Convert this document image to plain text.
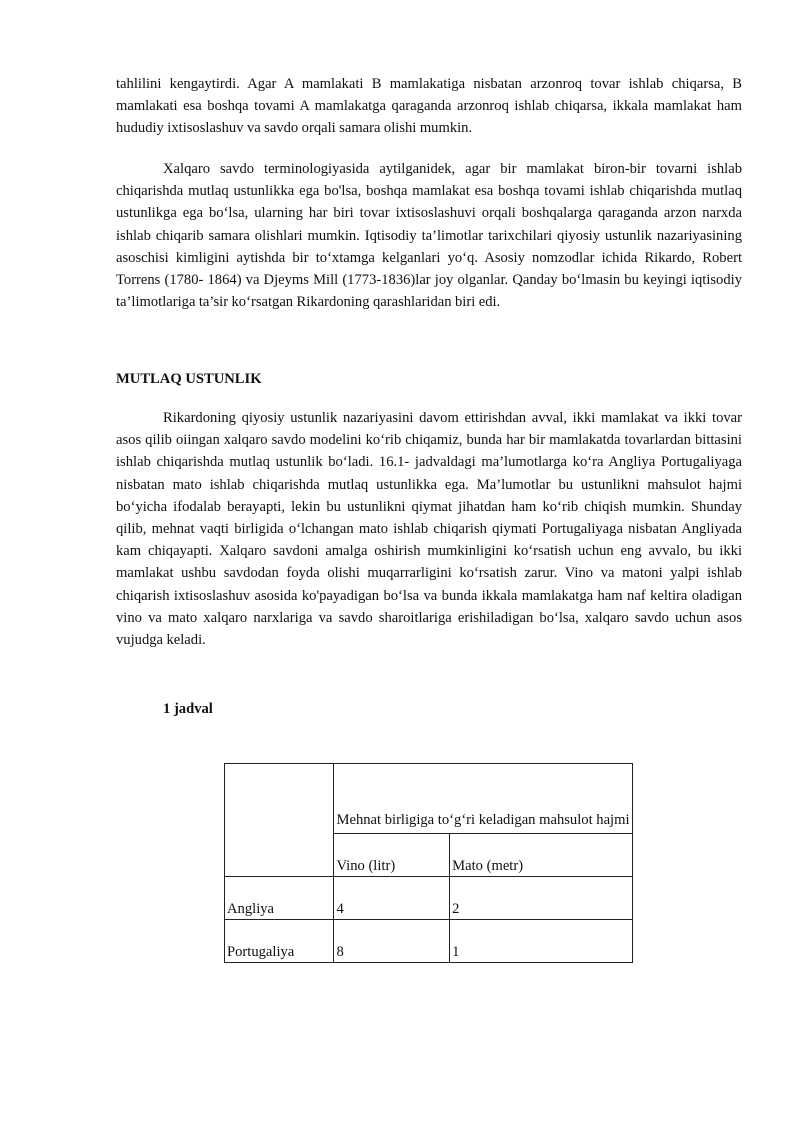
tahlilini kengaytirdi. Agar A mamlakati B mamlakatiga nisbatan arzonroq tovar ishlab chiqarsa, B mamlakati esa boshqa tovami A mamlakatga qaraganda arzonroq ishlab chiqarsa, ikkala mamlakat ham hududiy ixtisoslashuv va savdo orqali samara olishi mumkin.

Xalqaro savdo terminologiyasida aytilganidek, agar bir mamlakat biron-bir tovarni ishlab chiqarishda mutlaq ustunlikka ega bo'lsa, boshqa mamlakat esa boshqa tovami ishlab chiqarishda mutlaq ustunlikga ega bo‘lsa, ularning har biri tovar ixtisoslashuvi orqali boshqalarga qaraganda arzon narxda ishlab chiqarib samara olishlari mumkin. Iqtisodiy ta’limotlar tarixchilari qiyosiy ustunlik nazariyasining asoschisi kimligini aytishda bir to‘xtamga kelganlari yo‘q. Asosiy nomzodlar ichida Rikardo, Robert Torrens (1780- 1864) va Djeyms Mill (1773-1836)lar joy olganlar. Qanday bo‘lmasin bu keyingi iqtisodiy ta’limotlariga ta’sir ko‘rsatgan Rikardoning qarashlaridan biri edi.

MUTLAQ USTUNLIK

Rikardoning qiyosiy ustunlik nazariyasini davom ettirishdan avval, ikki mamlakat va ikki tovar asos qilib oiingan xalqaro savdo modelini ko‘rib chiqamiz, bunda har bir mamlakatda tovarlardan bittasini ishlab chiqarishda mutlaq ustunlik bo‘ladi. 16.1- jadvaldagi ma’lumotlarga ko‘ra Angliya Portugaliyaga nisbatan mato ishlab chiqarishda mutlaq ustunlikka ega. Ma’lumotlar bu ustunlikni mahsulot hajmi bo‘yicha ifodalab berayapti, lekin bu ustunlikni qiymat jihatdan ham ko‘rib chiqish mumkin. Shunday qilib, mehnat vaqti birligida o‘lchangan mato ishlab chiqarish qiymati Portugaliyaga nisbatan Angliyada kam chiqayapti. Xalqaro savdoni amalga oshirish mumkinligini ko‘rsatish uchun eng avvalo, bu ikki mamlakat ushbu savdodan foyda olishi muqarrarligini ko‘rsatish zarur. Vino va matoni yalpi ishlab chiqarish ixtisoslashuv asosida ko'payadigan bo‘lsa va bunda ikkala mamlakatga ham naf keltira oladigan vino va mato xalqaro narxlariga va savdo sharoitlariga erishiladigan bo‘lsa, xalqaro savdo uchun asos vujudga keladi.

1 jadval
	Mehnat birligiga to‘g‘ri keladigan mahsulot hajmi	
	Vino (litr)	Mato (metr)
Angliya	4	2
Portugaliya	8	1
